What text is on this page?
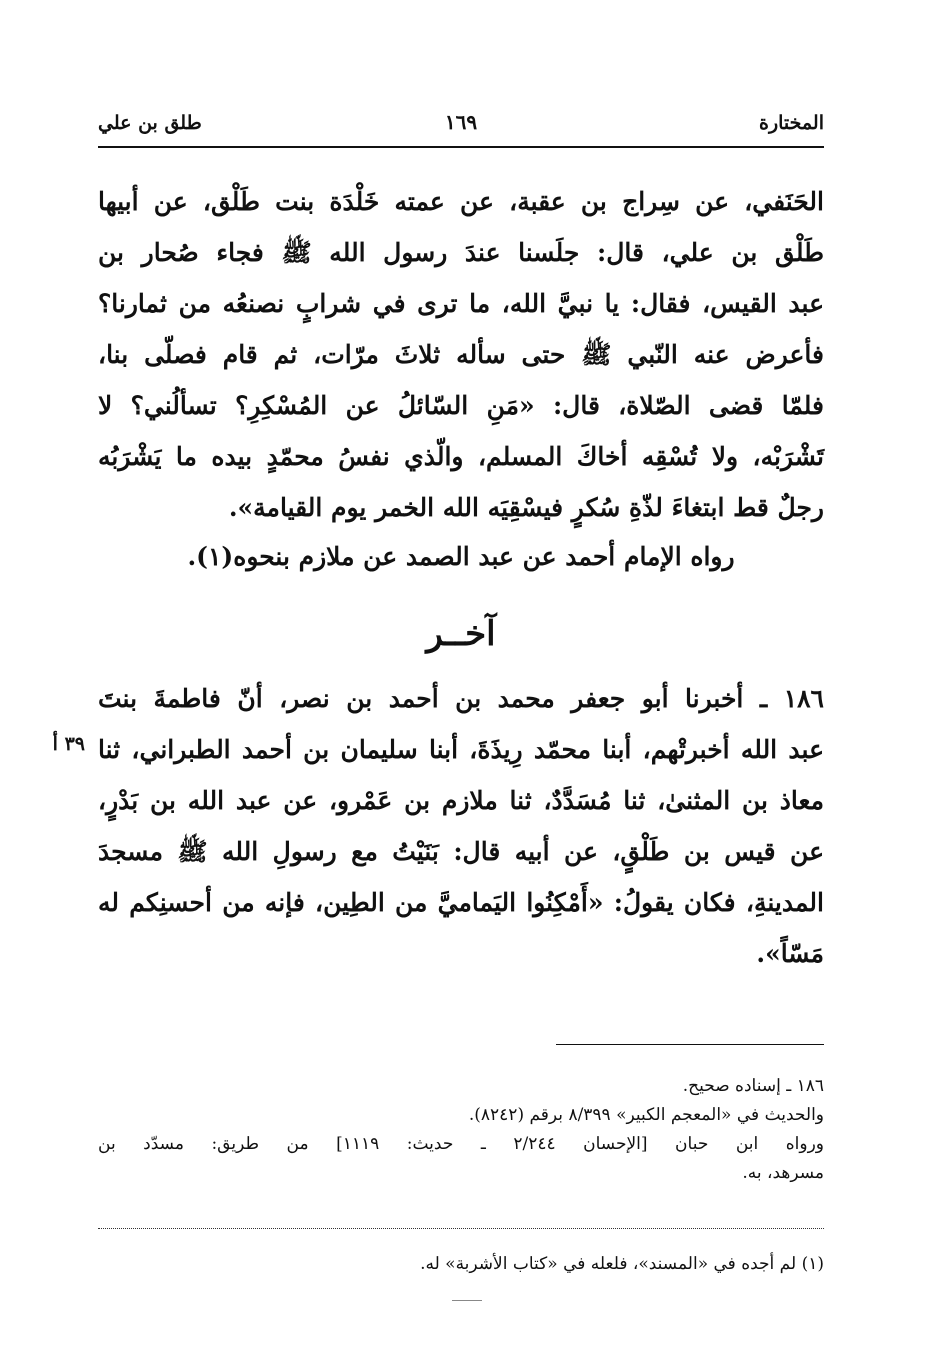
المختارة
١٦٩
طلق بن علي
الحَنَفي، عن سِراج بن عقبة، عن عمته خَلْدَة بنت طَلْق، عن أبيها
طَلْق بن علي، قال: جلَسنا عندَ رسول الله ﷺ فجاء صُحار بن
عبد القيس، فقال: يا نبيَّ الله، ما ترى في شرابٍ نصنعُه من ثمارنا؟
فأعرض عنه النّبي ﷺ حتى سأله ثلاثَ مرّات، ثم قام فصلّى بنا،
فلمّا قضى الصّلاة، قال: «مَنِ السّائلُ عن المُسْكِرِ؟ تسألُني؟ لا
تَشْرَبْه، ولا تُسْقِه أخاكَ المسلم، والّذي نفسُ محمّدٍ بيده ما يَشْرَبُه
رجلٌ قط ابتغاءَ لذّةِ سُكرٍ فيسْقِيَه الله الخمر يوم القيامة».
رواه الإمام أحمد عن عبد الصمد عن ملازم بنحوه(١).
آخــر
١٨٦ ـ أخبرنا أبو جعفر محمد بن أحمد بن نصر، أنّ فاطمةَ بنتَ
عبد الله أخبرتْهم، أبنا محمّد رِيذَةَ، أبنا سليمان بن أحمد الطبراني، ثنا
معاذ بن المثنىٰ، ثنا مُسَدَّدٌ، ثنا ملازم بن عَمْرو، عن عبد الله بن بَدْرٍ،
عن قيس بن طَلْقٍ، عن أبيه قال: بَنَيْتُ مع رسولِ الله ﷺ مسجدَ
المدينةِ، فكان يقولُ: «أَمْكِنُوا اليَماميَّ من الطِين، فإنه من أحسنِكم له
مَسّاً».
٣٩ أ
١٨٦ ـ إسناده صحيح.
والحديث في «المعجم الكبير» ٨/٣٩٩ برقم (٨٢٤٢).
ورواه ابن حبان [الإحسان ٢/٢٤٤ ـ حديث: ١١١٩] من طريق: مسدّد بن
مسرهد، به.
(١) لم أجده في «المسند»، فلعله في «كتاب الأشربة» له.
